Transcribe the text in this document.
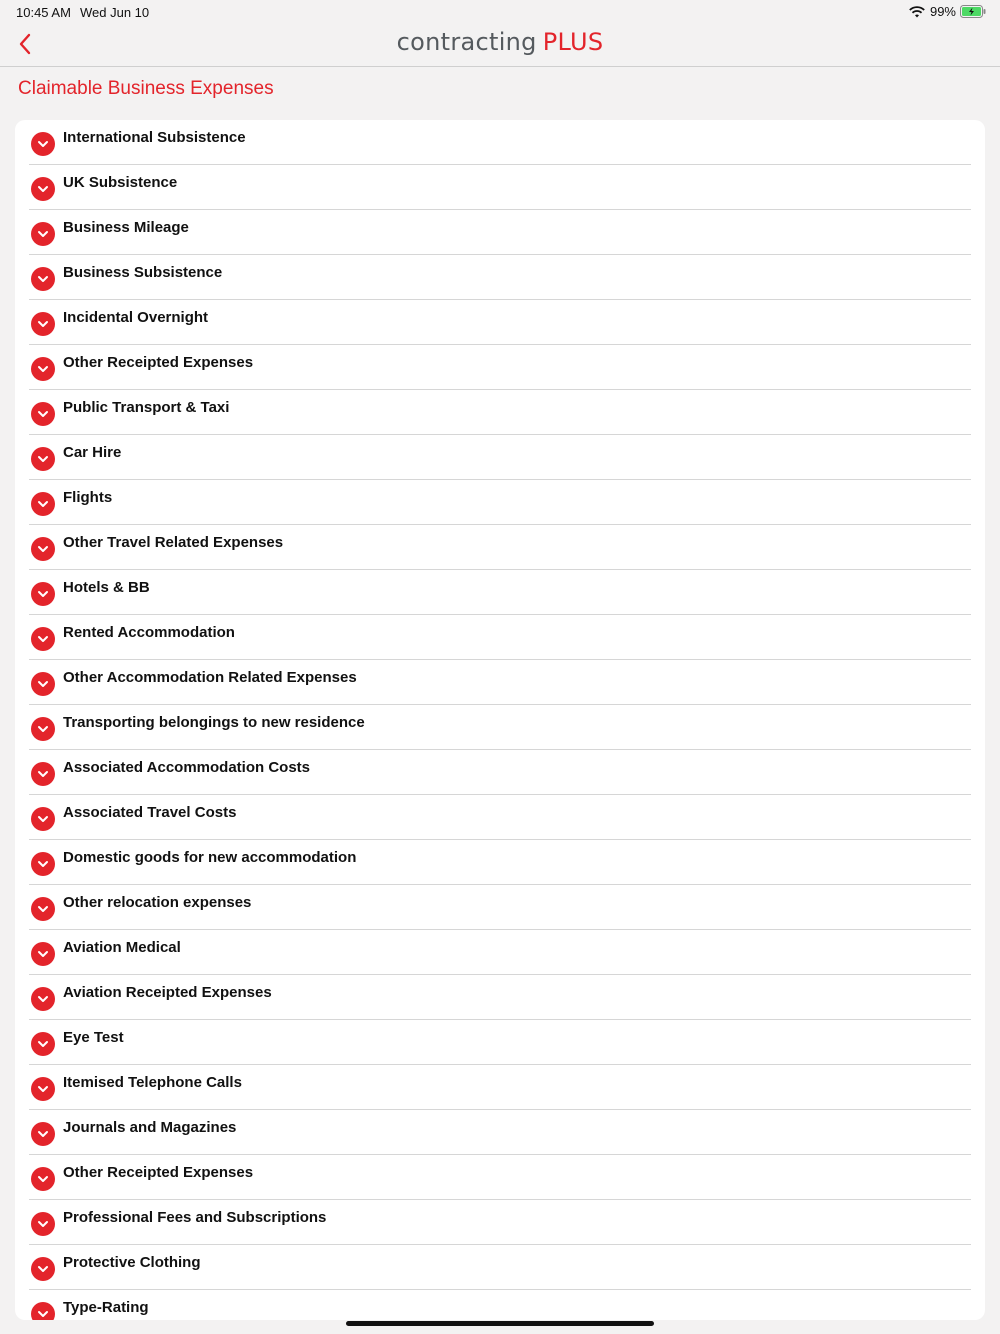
10:45 AM Wed Jun 10	99%
contracting PLUS
Claimable Business Expenses
International Subsistence
UK Subsistence
Business Mileage
Business Subsistence
Incidental Overnight
Other Receipted Expenses
Public Transport & Taxi
Car Hire
Flights
Other Travel Related Expenses
Hotels & BB
Rented Accommodation
Other Accommodation Related Expenses
Transporting belongings to new residence
Associated Accommodation Costs
Associated Travel Costs
Domestic goods for new accommodation
Other relocation expenses
Aviation Medical
Aviation Receipted Expenses
Eye Test
Itemised Telephone Calls
Journals and Magazines
Other Receipted Expenses
Professional Fees and Subscriptions
Protective Clothing
Type-Rating
